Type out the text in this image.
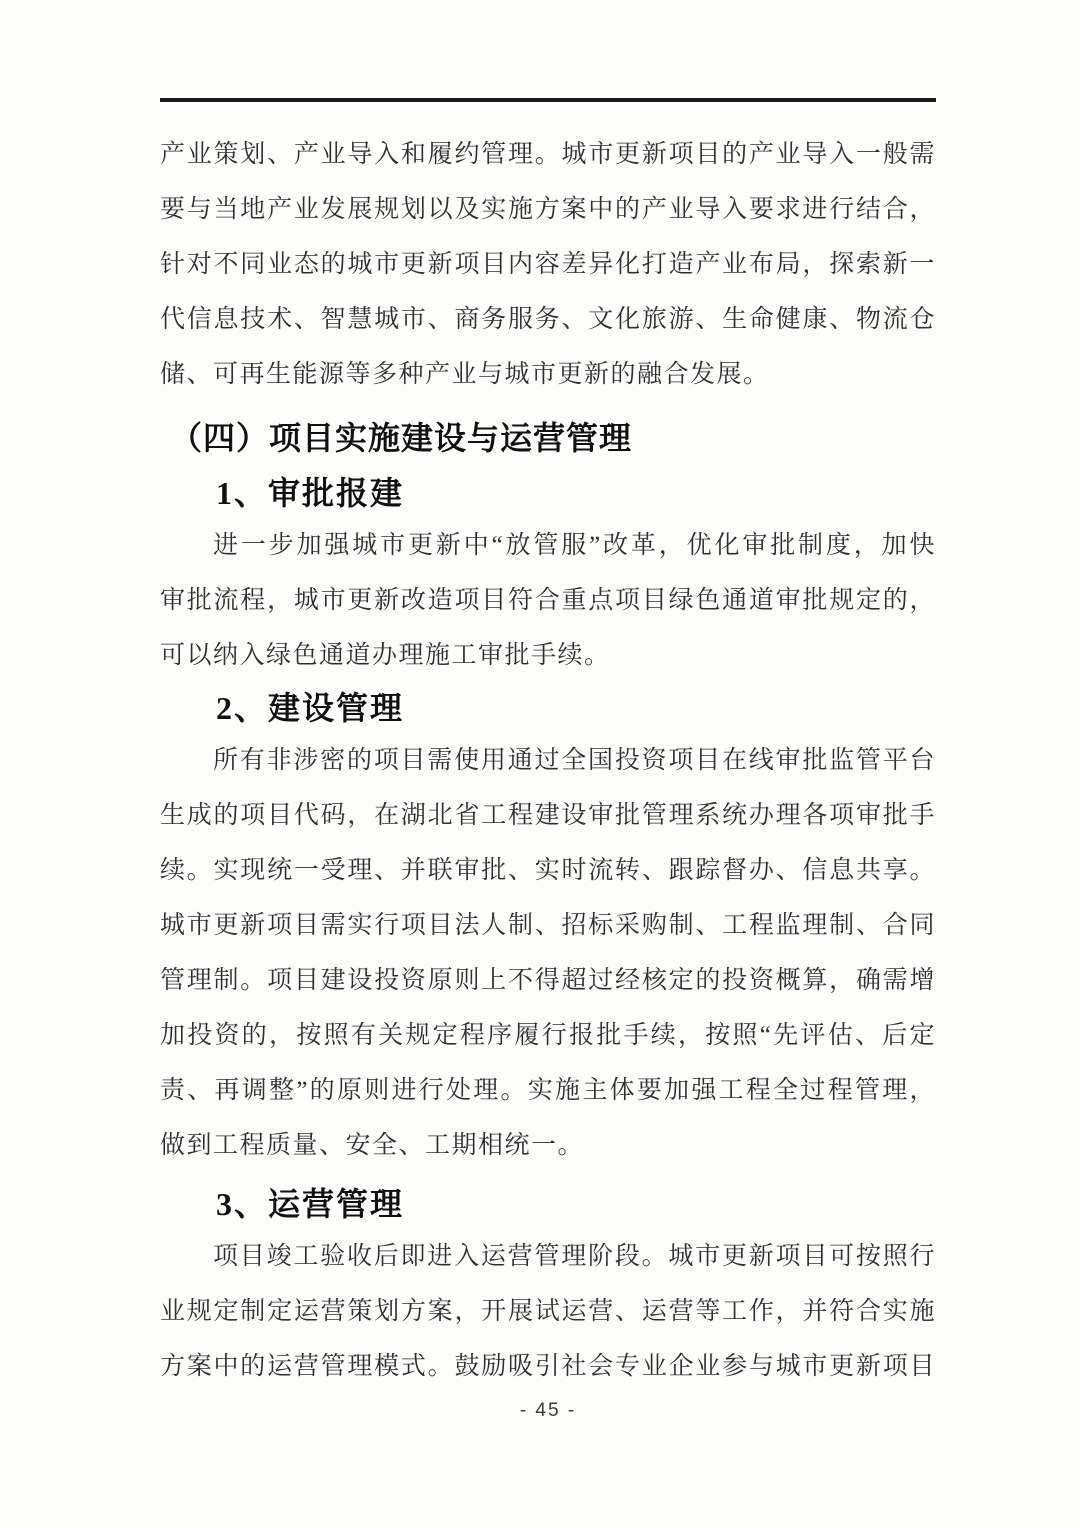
产业策划、产业导入和履约管理。城市更新项目的产业导入一般需
要与当地产业发展规划以及实施方案中的产业导入要求进行结合，
针对不同业态的城市更新项目内容差异化打造产业布局，探索新一
代信息技术、智慧城市、商务服务、文化旅游、生命健康、物流仓
储、可再生能源等多种产业与城市更新的融合发展。
（四）项目实施建设与运营管理
1、审批报建
进一步加强城市更新中“放管服”改革，优化审批制度，加快
审批流程，城市更新改造项目符合重点项目绿色通道审批规定的，
可以纳入绿色通道办理施工审批手续。
2、建设管理
所有非涉密的项目需使用通过全国投资项目在线审批监管平台
生成的项目代码，在湖北省工程建设审批管理系统办理各项审批手
续。实现统一受理、并联审批、实时流转、跟踪督办、信息共享。
城市更新项目需实行项目法人制、招标采购制、工程监理制、合同
管理制。项目建设投资原则上不得超过经核定的投资概算，确需增
加投资的，按照有关规定程序履行报批手续，按照“先评估、后定
责、再调整”的原则进行处理。实施主体要加强工程全过程管理，
做到工程质量、安全、工期相统一。
3、运营管理
项目竣工验收后即进入运营管理阶段。城市更新项目可按照行
业规定制定运营策划方案，开展试运营、运营等工作，并符合实施
方案中的运营管理模式。鼓励吸引社会专业企业参与城市更新项目
- 45 -
